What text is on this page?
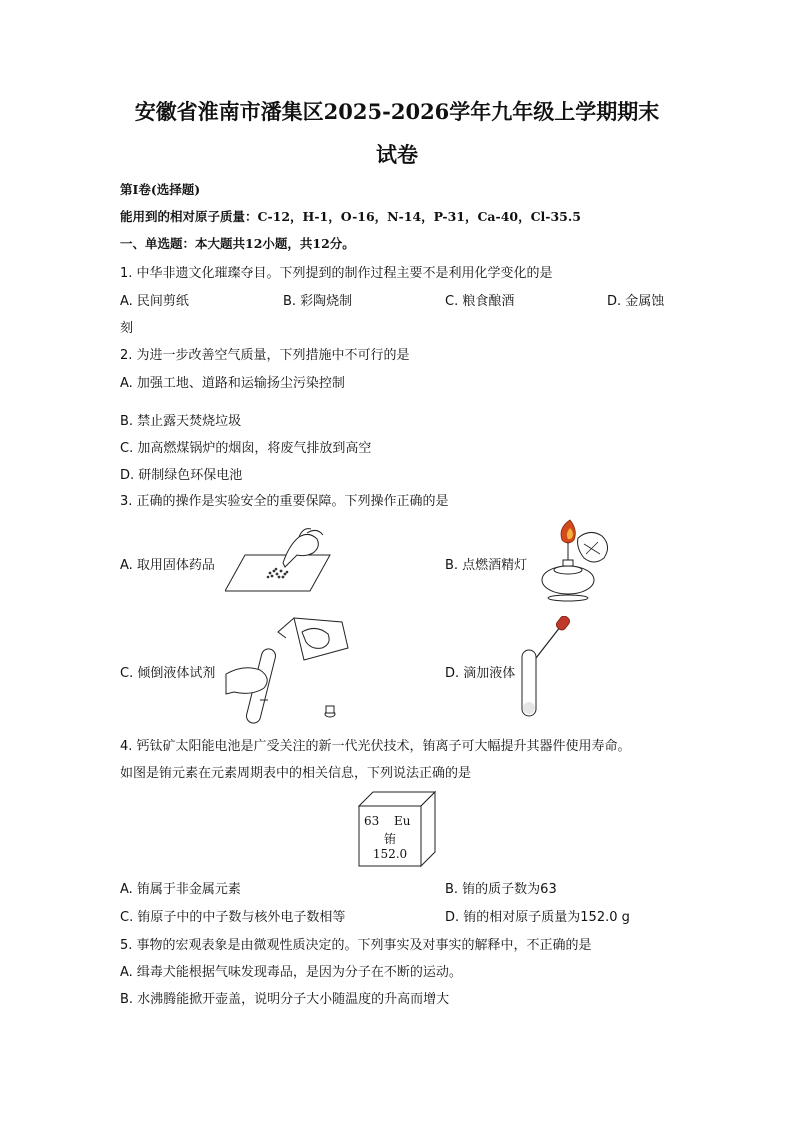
安徽省淮南市潘集区2025-2026学年九年级上学期期末
试卷
第I卷(选择题)
能用到的相对原子质量：C-12，H-1，O-16，N-14，P-31，Ca-40，Cl-35.5
一、单选题：本大题共12小题，共12分。
1. 中华非遗文化璀璨夺目。下列提到的制作过程主要不是利用化学变化的是
A. 民间剪纸	B. 彩陶烧制	C. 粮食酿酒	D. 金属蚀
刻
2. 为进一步改善空气质量，下列措施中不可行的是
A. 加强工地、道路和运输扬尘污染控制
B. 禁止露天焚烧垃圾
C. 加高燃煤锅炉的烟囱，将废气排放到高空
D. 研制绿色环保电池
3. 正确的操作是实验安全的重要保障。下列操作正确的是
A. 取用固体药品	B. 点燃酒精灯
C. 倾倒液体试剂	D. 滴加液体
4. 钙钛矿太阳能电池是广受关注的新一代光伏技术，铕离子可大幅提升其器件使用寿命。
如图是铕元素在元素周期表中的相关信息，下列说法正确的是
63 Eu
铕
152.0
A. 铕属于非金属元素	B. 铕的质子数为63
C. 铕原子中的中子数与核外电子数相等	D. 铕的相对原子质量为152.0 g
5. 事物的宏观表象是由微观性质决定的。下列事实及对事实的解释中，不正确的是
A. 缉毒犬能根据气味发现毒品，是因为分子在不断的运动。
B. 水沸腾能掀开壶盖，说明分子大小随温度的升高而增大
